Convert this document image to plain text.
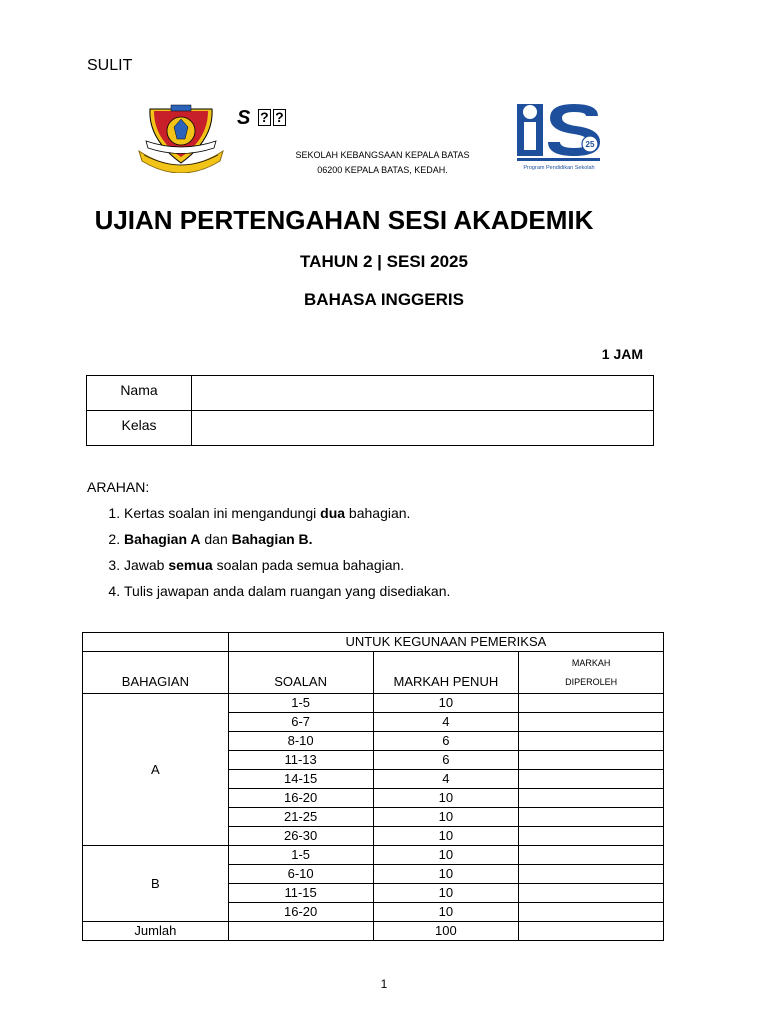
SULIT
S ? ?
SEKOLAH KEBANGSAAN KEPALA BATAS
06200 KEPALA BATAS, KEDAH.
25
Program Pendidikan Sekolah
UJIAN PERTENGAHAN SESI AKADEMIK
TAHUN 2 | SESI 2025
BAHASA INGGERIS
1 JAM
Nama	
Kelas	
ARAHAN:
1. Kertas soalan ini mengandungi dua bahagian.
2. Bahagian A dan Bahagian B.
3. Jawab semua soalan pada semua bahagian.
4. Tulis jawapan anda dalam ruangan yang disediakan.
	UNTUK KEGUNAAN PEMERIKSA		
BAHAGIAN	SOALAN	MARKAH PENUH	MARKAH
DIPEROLEH

A	1-5	10	
	6-7	4	
	8-10	6	
	11-13	6	
	14-15	4	
	16-20	10	
	21-25	10	
	26-30	10	
B	1-5	10	
	6-10	10	
	11-15	10	
	16-20	10	
Jumlah		100	
1
